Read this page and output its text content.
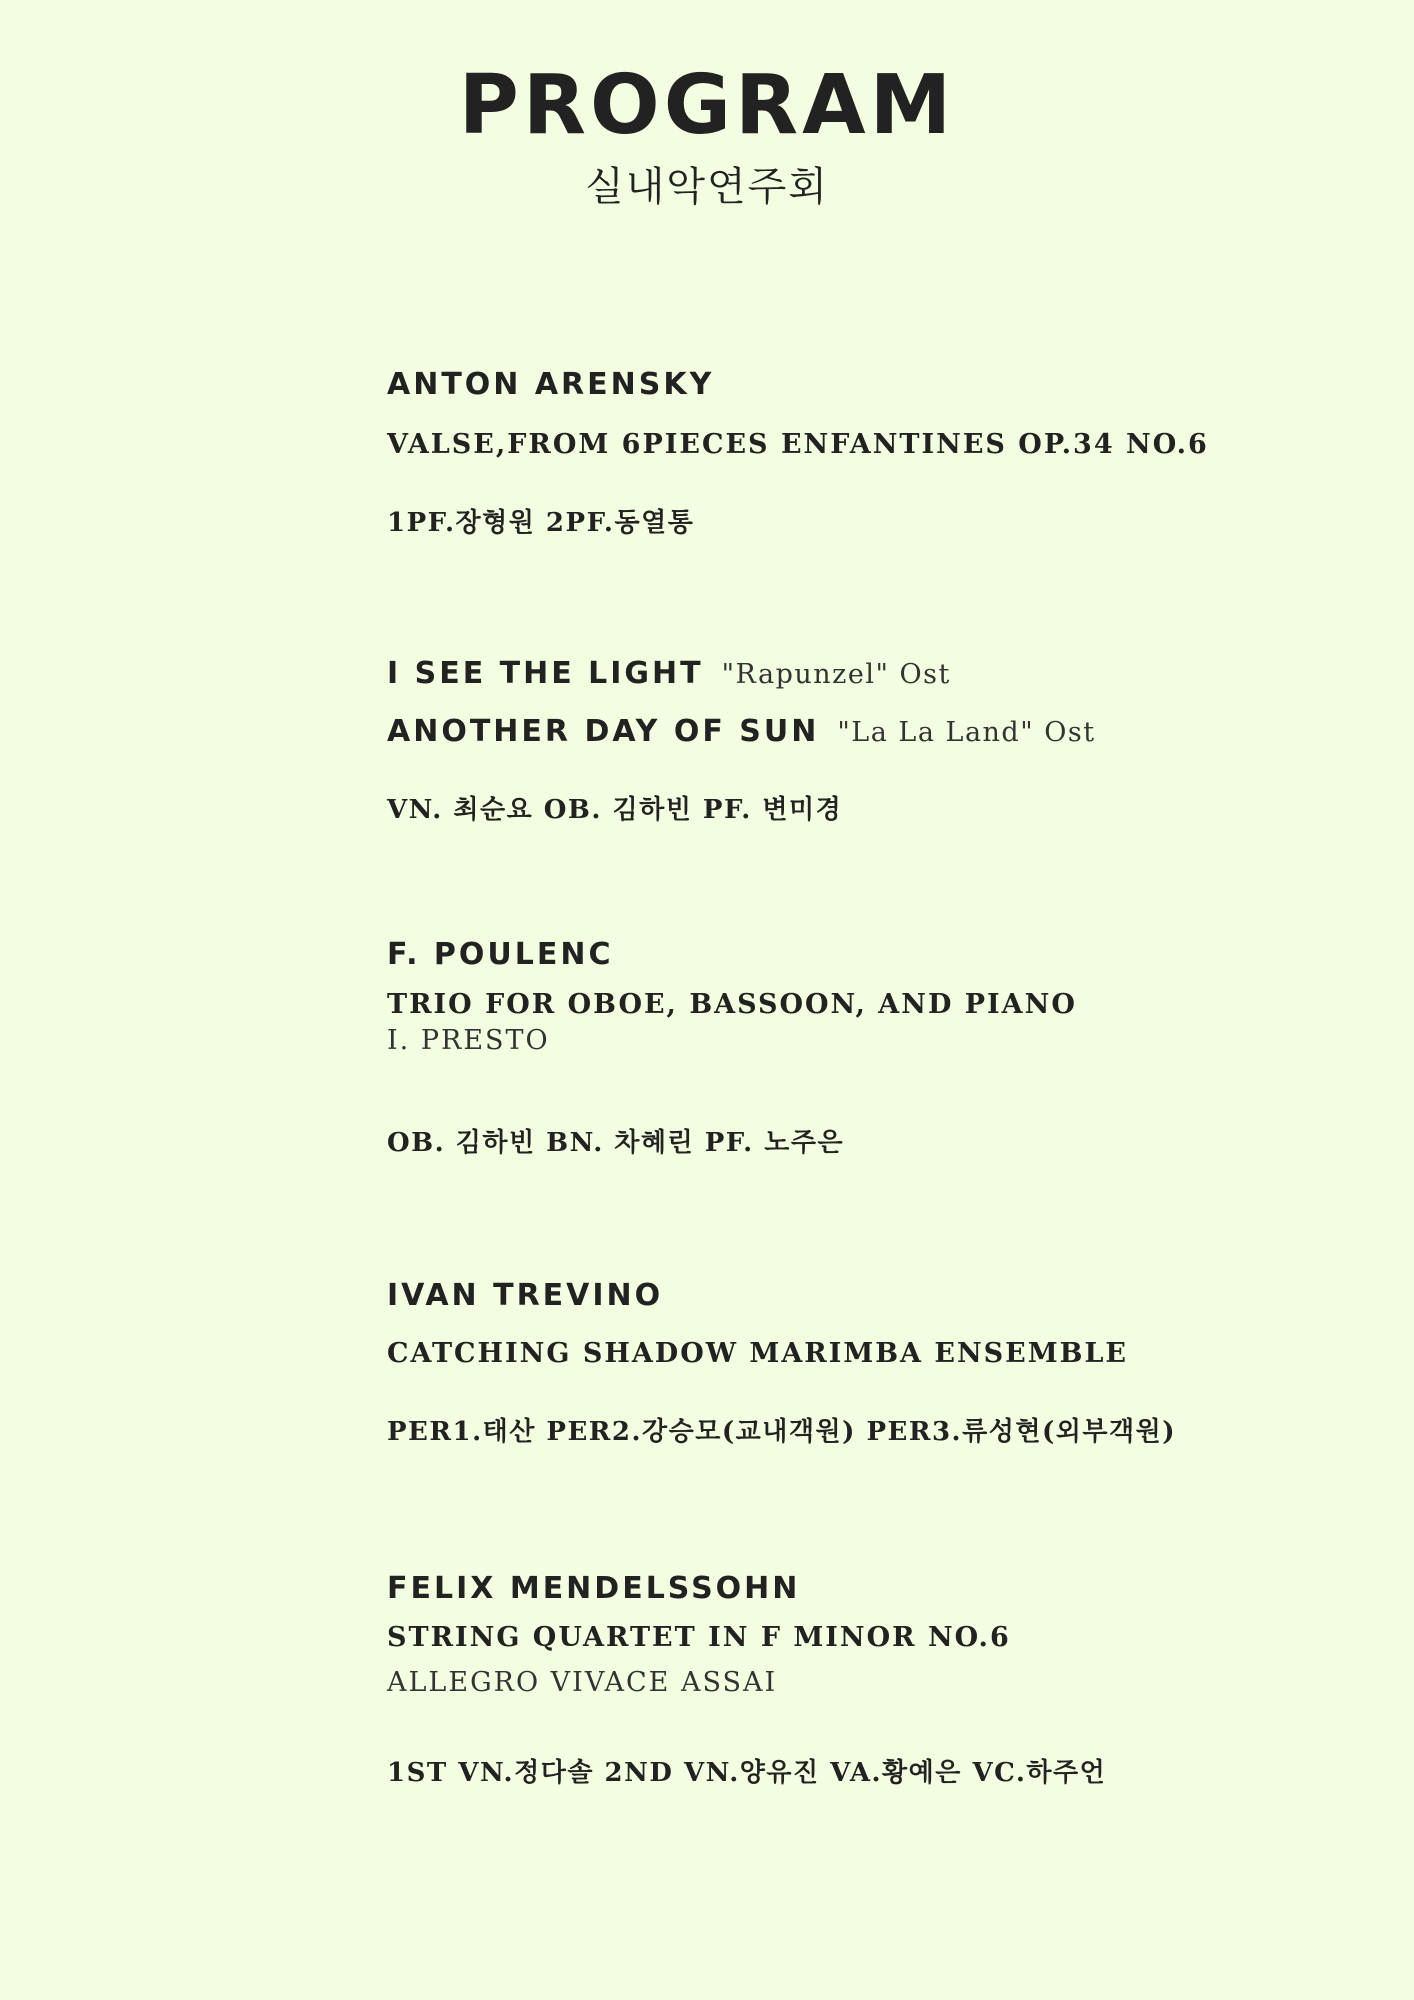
PROGRAM
실내악연주회
ANTON ARENSKY
VALSE,FROM 6PIECES ENFANTINES OP.34 NO.6
1PF.장형원 2PF.동열통
I SEE THE LIGHT "Rapunzel" Ost
ANOTHER DAY OF SUN "La La Land" Ost
VN. 최순요 OB. 김하빈 PF. 변미경
F. POULENC
TRIO FOR OBOE, BASSOON, AND PIANO
I. PRESTO
OB. 김하빈 BN. 차혜린 PF. 노주은
IVAN TREVINO
CATCHING SHADOW MARIMBA ENSEMBLE
PER1.태산 PER2.강승모(교내객원) PER3.류성현(외부객원)
FELIX MENDELSSOHN
STRING QUARTET IN F MINOR NO.6
ALLEGRO VIVACE ASSAI
1ST VN.정다솔 2ND VN.양유진 VA.황예은 VC.하주언
